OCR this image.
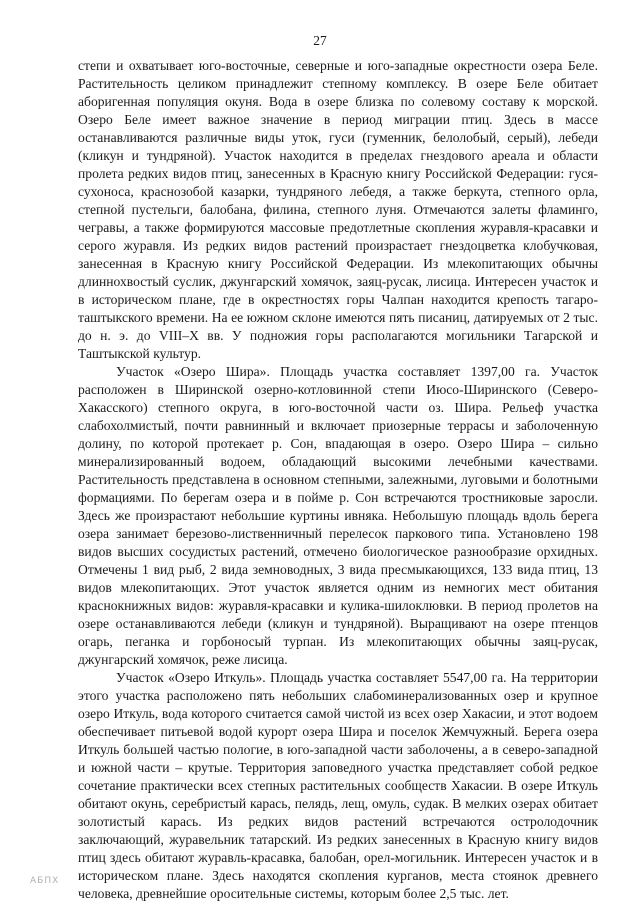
27

степи и охватывает юго-восточные, северные и юго-западные окрестности озера Беле. Растительность целиком принадлежит степному комплексу. В озере Беле обитает аборигенная популяция окуня. Вода в озере близка по солевому составу к морской. Озеро Беле имеет важное значение в период миграции птиц. Здесь в массе останавливаются различные виды уток, гуси (гуменник, белолобый, серый), лебеди (кликун и тундряной). Участок находится в пределах гнездового ареала и области пролета редких видов птиц, занесенных в Красную книгу Российской Федерации: гуся-сухоноса, краснозобой казарки, тундряного лебедя, а также беркута, степного орла, степной пустельги, балобана, филина, степного луня. Отмечаются залеты фламинго, чегравы, а также формируются массовые предотлетные скопления журавля-красавки и серого журавля. Из редких видов растений произрастает гнездоцветка клобучковая, занесенная в Красную книгу Российской Федерации. Из млекопитающих обычны длиннохвостый суслик, джунгарский хомячок, заяц-русак, лисица. Интересен участок и в историческом плане, где в окрестностях горы Чалпан находится крепость тагаро-таштыкского времени. На ее южном склоне имеются пять писаниц, датируемых от 2 тыс. до н. э. до VIII–X вв. У подножия горы располагаются могильники Тагарской и Таштыкской культур.

Участок «Озеро Шира». Площадь участка составляет 1397,00 га. Участок расположен в Ширинской озерно-котловинной степи Июсо-Ширинского (Северо-Хакасского) степного округа, в юго-восточной части оз. Шира. Рельеф участка слабохолмистый, почти равнинный и включает приозерные террасы и заболоченную долину, по которой протекает р. Сон, впадающая в озеро. Озеро Шира – сильно минерализированный водоем, обладающий высокими лечебными качествами. Растительность представлена в основном степными, залежными, луговыми и болотными формациями. По берегам озера и в пойме р. Сон встречаются тростниковые заросли. Здесь же произрастают небольшие куртины ивняка. Небольшую площадь вдоль берега озера занимает березово-лиственничный перелесок паркового типа. Установлено 198 видов высших сосудистых растений, отмечено биологическое разнообразие орхидных. Отмечены 1 вид рыб, 2 вида земноводных, 3 вида пресмыкающихся, 133 вида птиц, 13 видов млекопитающих. Этот участок является одним из немногих мест обитания краснокнижных видов: журавля-красавки и кулика-шилоклювки. В период пролетов на озере останавливаются лебеди (кликун и тундряной). Выращивают на озере птенцов огарь, пеганка и горбоносый турпан. Из млекопитающих обычны заяц-русак, джунгарский хомячок, реже лисица.

Участок «Озеро Иткуль». Площадь участка составляет 5547,00 га. На территории этого участка расположено пять небольших слабоминерализованных озер и крупное озеро Иткуль, вода которого считается самой чистой из всех озер Хакасии, и этот водоем обеспечивает питьевой водой курорт озера Шира и поселок Жемчужный. Берега озера Иткуль большей частью пологие, в юго-западной части заболочены, а в северо-западной и южной части – крутые. Территория заповедного участка представляет собой редкое сочетание практически всех степных растительных сообществ Хакасии. В озере Иткуль обитают окунь, серебристый карась, пелядь, лещ, омуль, судак. В мелких озерах обитает золотистый карась. Из редких видов растений встречаются остролодочник заключающий, журавельник татарский. Из редких занесенных в Красную книгу видов птиц здесь обитают журавль-красавка, балобан, орел-могильник. Интересен участок и в историческом плане. Здесь находятся скопления курганов, места стоянок древнего человека, древнейшие оросительные системы, которым более 2,5 тыс. лет.

АБПХ
